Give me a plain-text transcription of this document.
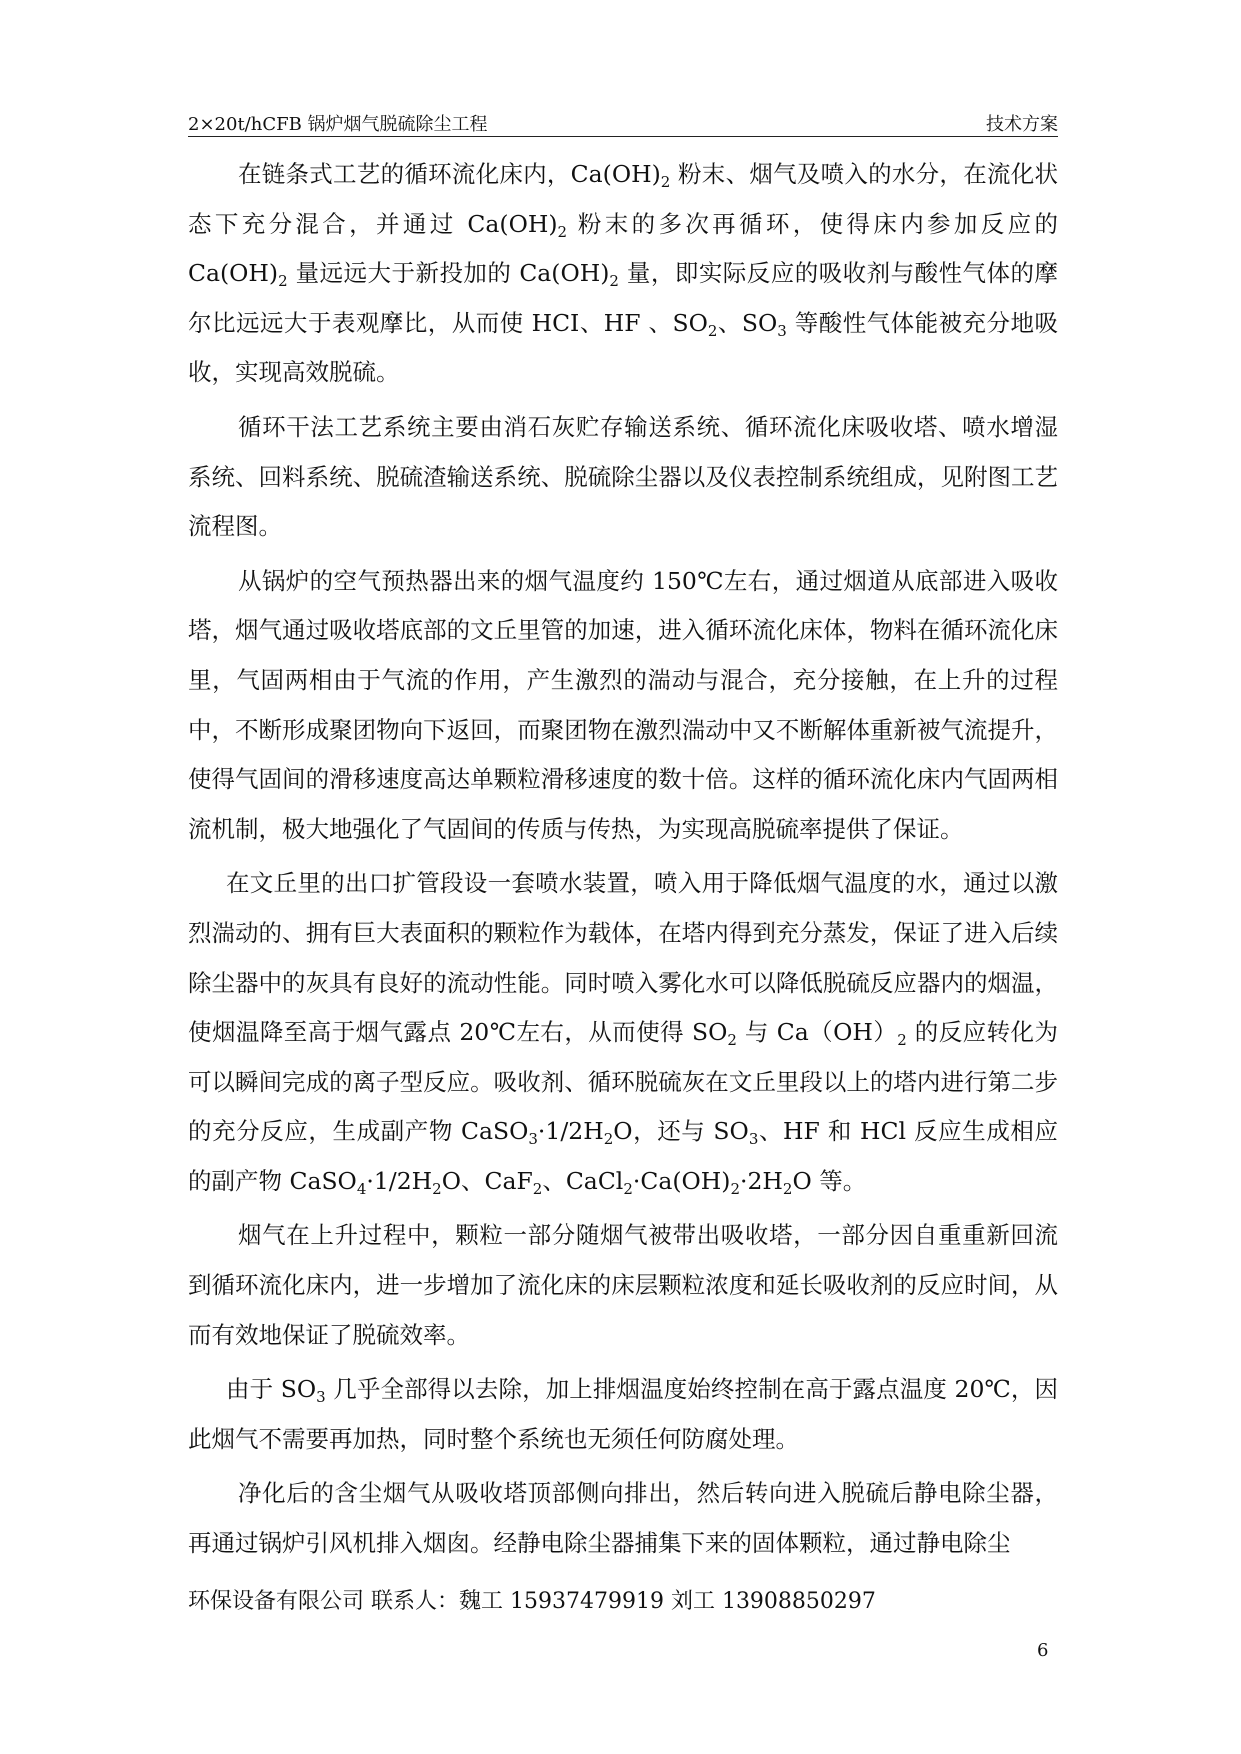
2×20t/hCFB 锅炉烟气脱硫除尘工程	技术方案

在链条式工艺的循环流化床内，$Ca(OH)_2$ 粉末、烟气及喷入的水分，在流化状态下充分混合，并通过 $Ca(OH)_2$ 粉末的多次再循环，使得床内参加反应的 $Ca(OH)_2$ 量远远大于新投加的 $Ca(OH)_2$ 量，即实际反应的吸收剂与酸性气体的摩尔比远远大于表观摩比，从而使 HCI、HF 、$SO_2$、$SO_3$ 等酸性气体能被充分地吸收，实现高效脱硫。

循环干法工艺系统主要由消石灰贮存输送系统、循环流化床吸收塔、喷水增湿系统、回料系统、脱硫渣输送系统、脱硫除尘器以及仪表控制系统组成，见附图工艺流程图。

从锅炉的空气预热器出来的烟气温度约 150℃左右，通过烟道从底部进入吸收塔，烟气通过吸收塔底部的文丘里管的加速，进入循环流化床体，物料在循环流化床里，气固两相由于气流的作用，产生激烈的湍动与混合，充分接触，在上升的过程中，不断形成聚团物向下返回，而聚团物在激烈湍动中又不断解体重新被气流提升，使得气固间的滑移速度高达单颗粒滑移速度的数十倍。这样的循环流化床内气固两相流机制，极大地强化了气固间的传质与传热，为实现高脱硫率提供了保证。

在文丘里的出口扩管段设一套喷水装置，喷入用于降低烟气温度的水，通过以激烈湍动的、拥有巨大表面积的颗粒作为载体，在塔内得到充分蒸发，保证了进入后续除尘器中的灰具有良好的流动性能。同时喷入雾化水可以降低脱硫反应器内的烟温，使烟温降至高于烟气露点 20℃左右，从而使得 $SO_2$ 与 $Ca(OH)_2$ 的反应转化为可以瞬间完成的离子型反应。吸收剂、循环脱硫灰在文丘里段以上的塔内进行第二步的充分反应，生成副产物 $CaSO_3\cdot 1/2H_2O$，还与 $SO_3$、HF 和 HCl 反应生成相应的副产物 $CaSO_4\cdot 1/2H_2O$、CaF$_2$、$CaCl_2\cdot Ca(OH)_2\cdot 2H_2O$ 等。

烟气在上升过程中，颗粒一部分随烟气被带出吸收塔，一部分因自重重新回流到循环流化床内，进一步增加了流化床的床层颗粒浓度和延长吸收剂的反应时间，从而有效地保证了脱硫效率。

由于 $SO_3$ 几乎全部得以去除，加上排烟温度始终控制在高于露点温度 20℃，因此烟气不需要再加热，同时整个系统也无须任何防腐处理。

净化后的含尘烟气从吸收塔顶部侧向排出，然后转向进入脱硫后静电除尘器，再通过锅炉引风机排入烟囱。经静电除尘器捕集下来的固体颗粒，通过静电除尘

环保设备有限公司 联系人：魏工 15937479919 刘工 13908850297
6
